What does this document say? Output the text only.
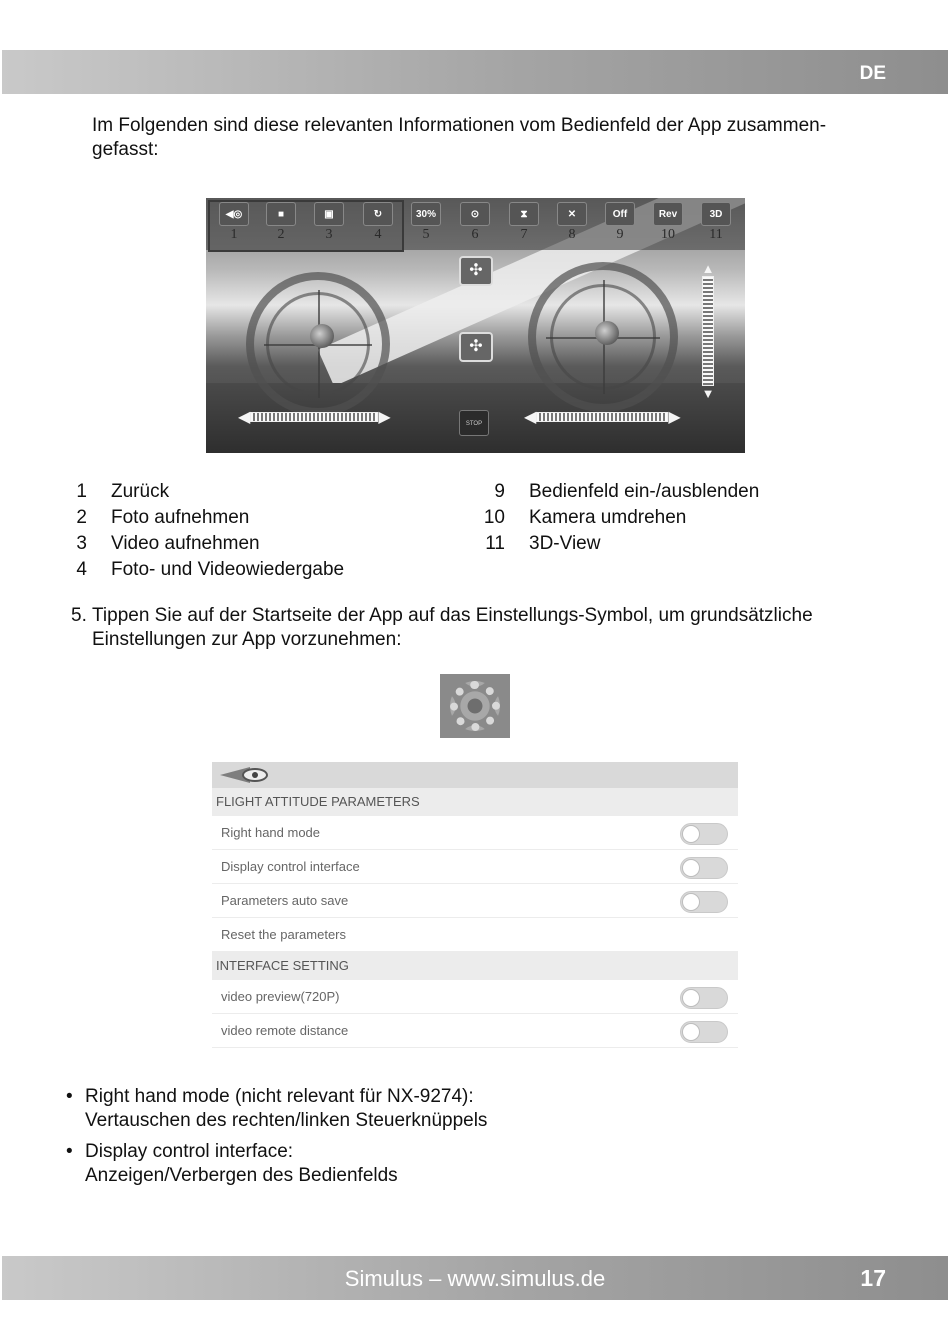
DE

Im Folgenden sind diese relevanten Informationen vom Bedienfeld der App zusammen-
gefasst:

◀◎
1
■
2
▣
3
↻
4
30%
5
⊙
6
⧗
7
✕
8
Off
9
Rev
10
3D
11
✣
✣
▲
▼
◀	▶	◀	▶
STOP
1 Zurück
2 Foto aufnehmen
3 Video aufnehmen
4 Foto- und Videowiedergabe
9 Bedienfeld ein-/ausblenden
10 Kamera umdrehen
11 3D-View
5. Tippen Sie auf der Startseite der App auf das Einstellungs-Symbol, um grundsätzliche Einstellungen zur App vorzunehmen:

FLIGHT ATTITUDE PARAMETERS
Right hand mode
Display control interface
Parameters auto save
Reset the parameters
INTERFACE SETTING
video preview(720P)
video remote distance
• Right hand mode (nicht relevant für NX-9274):
Vertauschen des rechten/linken Steuerknüppels
• Display control interface:
Anzeigen/Verbergen des Bedienfelds
Simulus – www.simulus.de	17
